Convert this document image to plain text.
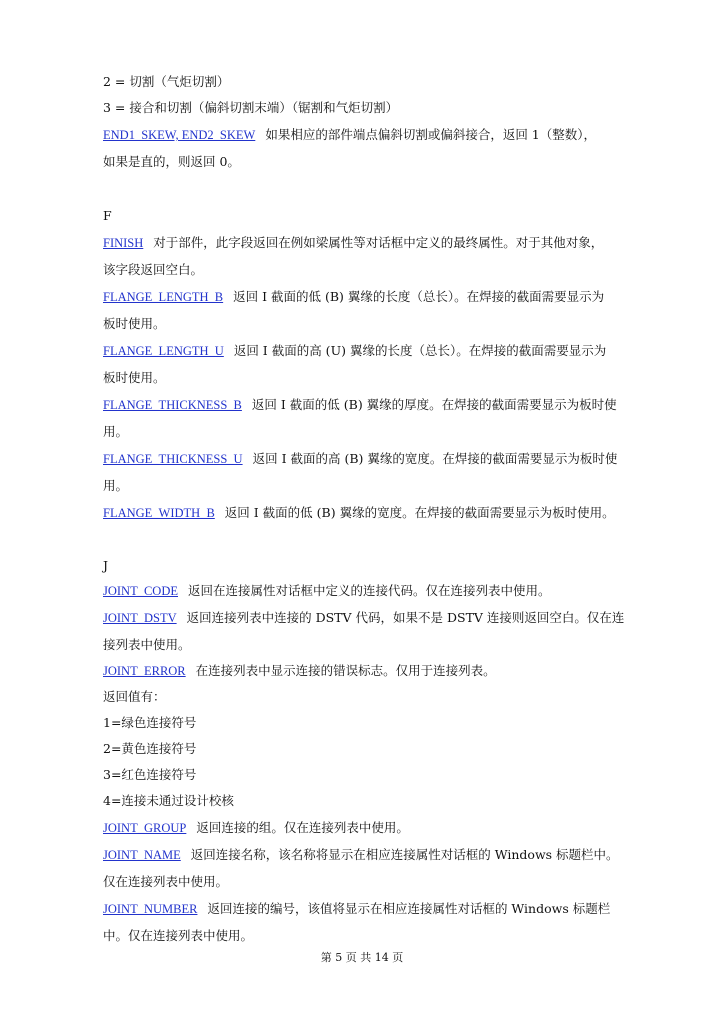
2 = 切割（气炬切割）
3 = 接合和切割（偏斜切割末端）（锯割和气炬切割）
END1_SKEW, END2_SKEW 如果相应的部件端点偏斜切割或偏斜接合，返回 1（整数），
如果是直的，则返回 0。
F
FINISH 对于部件，此字段返回在例如梁属性等对话框中定义的最终属性。对于其他对象，
该字段返回空白。
FLANGE_LENGTH_B 返回 I 截面的低 (B) 翼缘的长度（总长）。在焊接的截面需要显示为
板时使用。
FLANGE_LENGTH_U 返回 I 截面的高 (U) 翼缘的长度（总长）。在焊接的截面需要显示为
板时使用。
FLANGE_THICKNESS_B 返回 I 截面的低 (B) 翼缘的厚度。在焊接的截面需要显示为板时使
用。
FLANGE_THICKNESS_U 返回 I 截面的高 (B) 翼缘的宽度。在焊接的截面需要显示为板时使
用。
FLANGE_WIDTH_B 返回 I 截面的低 (B) 翼缘的宽度。在焊接的截面需要显示为板时使用。
J
JOINT_CODE 返回在连接属性对话框中定义的连接代码。仅在连接列表中使用。
JOINT_DSTV 返回连接列表中连接的 DSTV 代码，如果不是 DSTV 连接则返回空白。仅在连
接列表中使用。
JOINT_ERROR 在连接列表中显示连接的错误标志。仅用于连接列表。
返回值有：
1=绿色连接符号
2=黄色连接符号
3=红色连接符号
4=连接未通过设计校核
JOINT_GROUP 返回连接的组。仅在连接列表中使用。
JOINT_NAME 返回连接名称，该名称将显示在相应连接属性对话框的 Windows 标题栏中。
仅在连接列表中使用。
JOINT_NUMBER 返回连接的编号，该值将显示在相应连接属性对话框的 Windows 标题栏
中。仅在连接列表中使用。
第 5 页 共 14 页
